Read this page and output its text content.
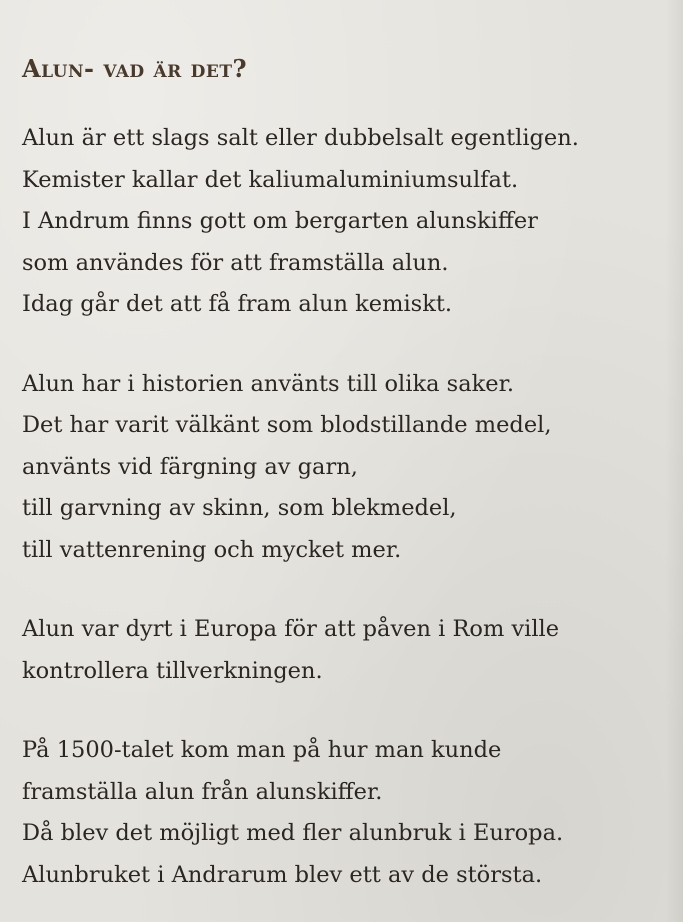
Alun- vad är det?
Alun är ett slags salt eller dubbelsalt egentligen.
Kemister kallar det kaliumaluminiumsulfat.
I Andrum finns gott om bergarten alunskiffer
som användes för att framställa alun.
Idag går det att få fram alun kemiskt.
Alun har i historien använts till olika saker.
Det har varit välkänt som blodstillande medel,
använts vid färgning av garn,
till garvning av skinn, som blekmedel,
till vattenrening och mycket mer.
Alun var dyrt i Europa för att påven i Rom ville
kontrollera tillverkningen.
På 1500-talet kom man på hur man kunde
framställa alun från alunskiffer.
Då blev det möjligt med fler alunbruk i Europa.
Alunbruket i Andrarum blev ett av de största.
